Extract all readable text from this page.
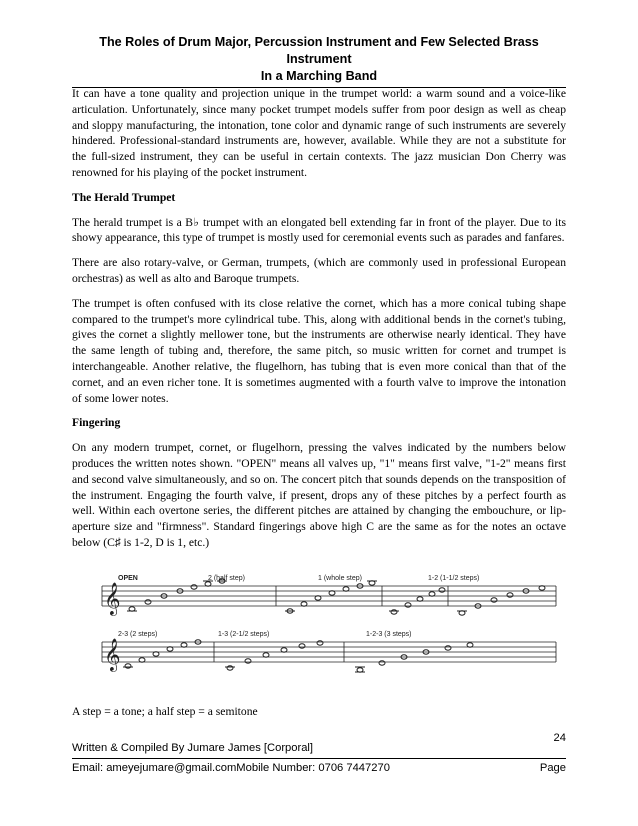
The Roles of Drum Major, Percussion Instrument and Few Selected Brass Instrument
In a Marching Band

It can have a tone quality and projection unique in the trumpet world: a warm sound and a voice-like articulation. Unfortunately, since many pocket trumpet models suffer from poor design as well as cheap and sloppy manufacturing, the intonation, tone color and dynamic range of such instruments are severely hindered. Professional-standard instruments are, however, available. While they are not a substitute for the full-sized instrument, they can be useful in certain contexts. The jazz musician Don Cherry was renowned for his playing of the pocket instrument.

The Herald Trumpet

The herald trumpet is a B♭ trumpet with an elongated bell extending far in front of the player. Due to its showy appearance, this type of trumpet is mostly used for ceremonial events such as parades and fanfares.

There are also rotary-valve, or German, trumpets, (which are commonly used in professional European orchestras) as well as alto and Baroque trumpets.

The trumpet is often confused with its close relative the cornet, which has a more conical tubing shape compared to the trumpet's more cylindrical tube. This, along with additional bends in the cornet's tubing, gives the cornet a slightly mellower tone, but the instruments are otherwise nearly identical. They have the same length of tubing and, therefore, the same pitch, so music written for cornet and trumpet is interchangeable. Another relative, the flugelhorn, has tubing that is even more conical than that of the cornet, and an even richer tone. It is sometimes augmented with a fourth valve to improve the intonation of some lower notes.

Fingering

On any modern trumpet, cornet, or flugelhorn, pressing the valves indicated by the numbers below produces the written notes shown. "OPEN" means all valves up, "1" means first valve, "1-2" means first and second valve simultaneously, and so on. The concert pitch that sounds depends on the transposition of the instrument. Engaging the fourth valve, if present, drops any of these pitches by a perfect fourth as well. Within each overtone series, the different pitches are attained by changing the embouchure, or lip-aperture size and "firmness". Standard fingerings above high C are the same as for the notes an octave below (C♯ is 1-2, D is 1, etc.)

𝄞
𝄞
OPEN	2 (half step)	1 (whole step)	1-2 (1-1/2 steps)
2-3 (2 steps)	1-3 (2-1/2 steps)	1-2-3 (3 steps)
A step = a tone; a half step = a semitone
24
Written & Compiled By Jumare James [Corporal]
Email: ameyejumare@gmail.comMobile Number: 0706 7447270	Page
